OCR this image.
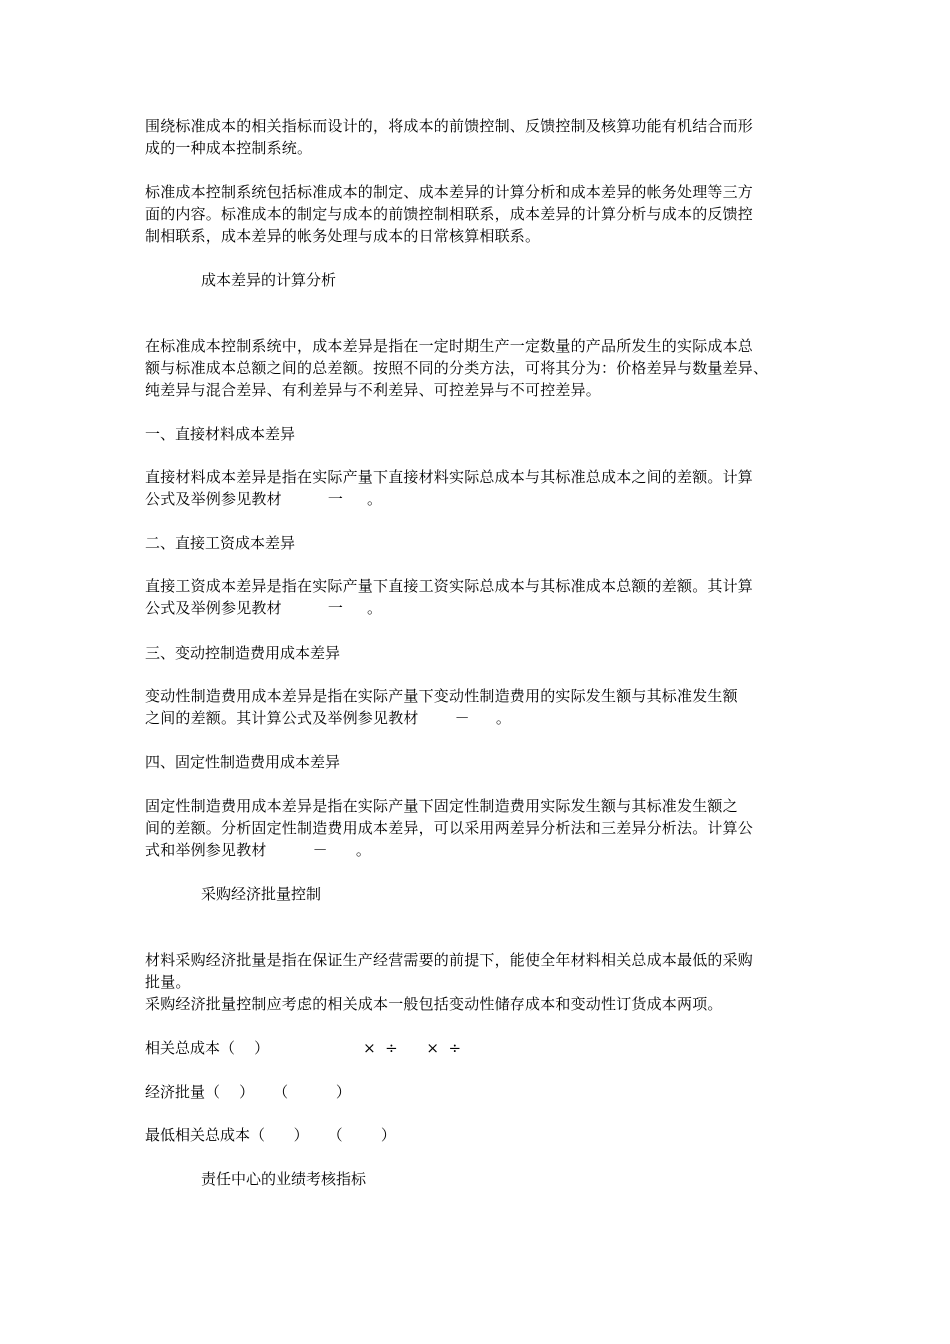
围绕标准成本的相关指标而设计的，将成本的前馈控制、反馈控制及核算功能有机结合而形
成的一种成本控制系统。
标准成本控制系统包括标准成本的制定、成本差异的计算分析和成本差异的帐务处理等三方
面的内容。标准成本的制定与成本的前馈控制相联系，成本差异的计算分析与成本的反馈控
制相联系，成本差异的帐务处理与成本的日常核算相联系。
成本差异的计算分析
在标准成本控制系统中，成本差异是指在一定时期生产一定数量的产品所发生的实际成本总
额与标准成本总额之间的总差额。按照不同的分类方法，可将其分为：价格差异与数量差异、
纯差异与混合差异、有利差异与不利差异、可控差异与不可控差异。
一、直接材料成本差异
直接材料成本差异是指在实际产量下直接材料实际总成本与其标准总成本之间的差额。计算
公式及举例参见教材	一 。
二、直接工资成本差异
直接工资成本差异是指在实际产量下直接工资实际总成本与其标准成本总额的差额。其计算
公式及举例参见教材	一 。
三、变动控制造费用成本差异
变动性制造费用成本差异是指在实际产量下变动性制造费用的实际发生额与其标准发生额
之间的差额。其计算公式及举例参见教材 － 。
四、固定性制造费用成本差异
固定性制造费用成本差异是指在实际产量下固定性制造费用实际发生额与其标准发生额之
间的差额。分析固定性制造费用成本差异，可以采用两差异分析法和三差异分析法。计算公
式和举例参见教材	－ 。
采购经济批量控制
材料采购经济批量是指在保证生产经营需要的前提下，能使全年材料相关总成本最低的采购
批量。
采购经济批量控制应考虑的相关成本一般包括变动性储存成本和变动性订货成本两项。
相关总成本（    ）	×  ÷      ×  ÷
经济批量（    ）    （          ）
最低相关总成本（      ）    （        ）
责任中心的业绩考核指标
